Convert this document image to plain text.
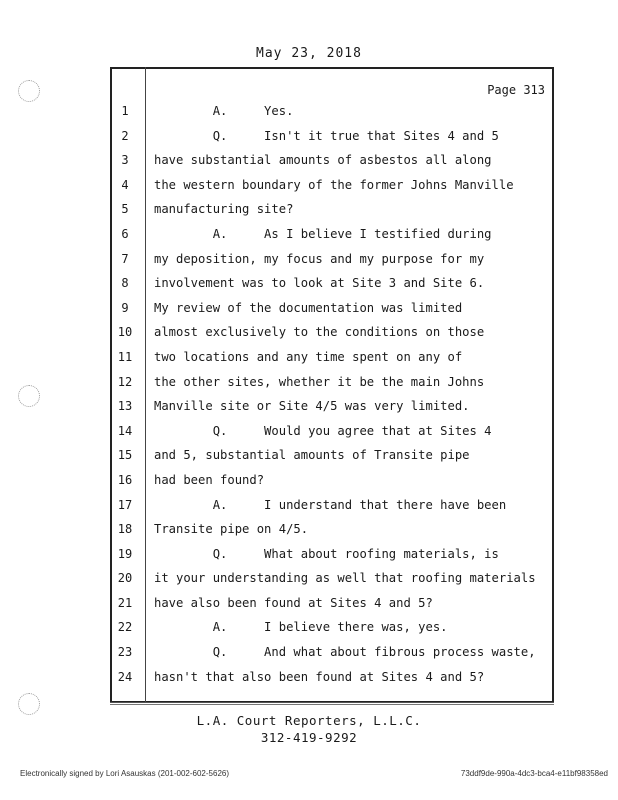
May 23, 2018
Page 313
1	A.     Yes.
2	Q.     Isn't it true that Sites 4 and 5
3	have substantial amounts of asbestos all along
4	the western boundary of the former Johns Manville
5	manufacturing site?
6	A.     As I believe I testified during
7	my deposition, my focus and my purpose for my
8	involvement was to look at Site 3 and Site 6.
9	My review of the documentation was limited
10	almost exclusively to the conditions on those
11	two locations and any time spent on any of
12	the other sites, whether it be the main Johns
13	Manville site or Site 4/5 was very limited.
14	Q.     Would you agree that at Sites 4
15	and 5, substantial amounts of Transite pipe
16	had been found?
17	A.     I understand that there have been
18	Transite pipe on 4/5.
19	Q.     What about roofing materials, is
20	it your understanding as well that roofing materials
21	have also been found at Sites 4 and 5?
22	A.     I believe there was, yes.
23	Q.     And what about fibrous process waste,
24	hasn't that also been found at Sites 4 and 5?
L.A. Court Reporters, L.L.C.
312-419-9292
Electronically signed by Lori Asauskas (201-002-602-5626)	73ddf9de-990a-4dc3-bca4-e11bf98358ed
